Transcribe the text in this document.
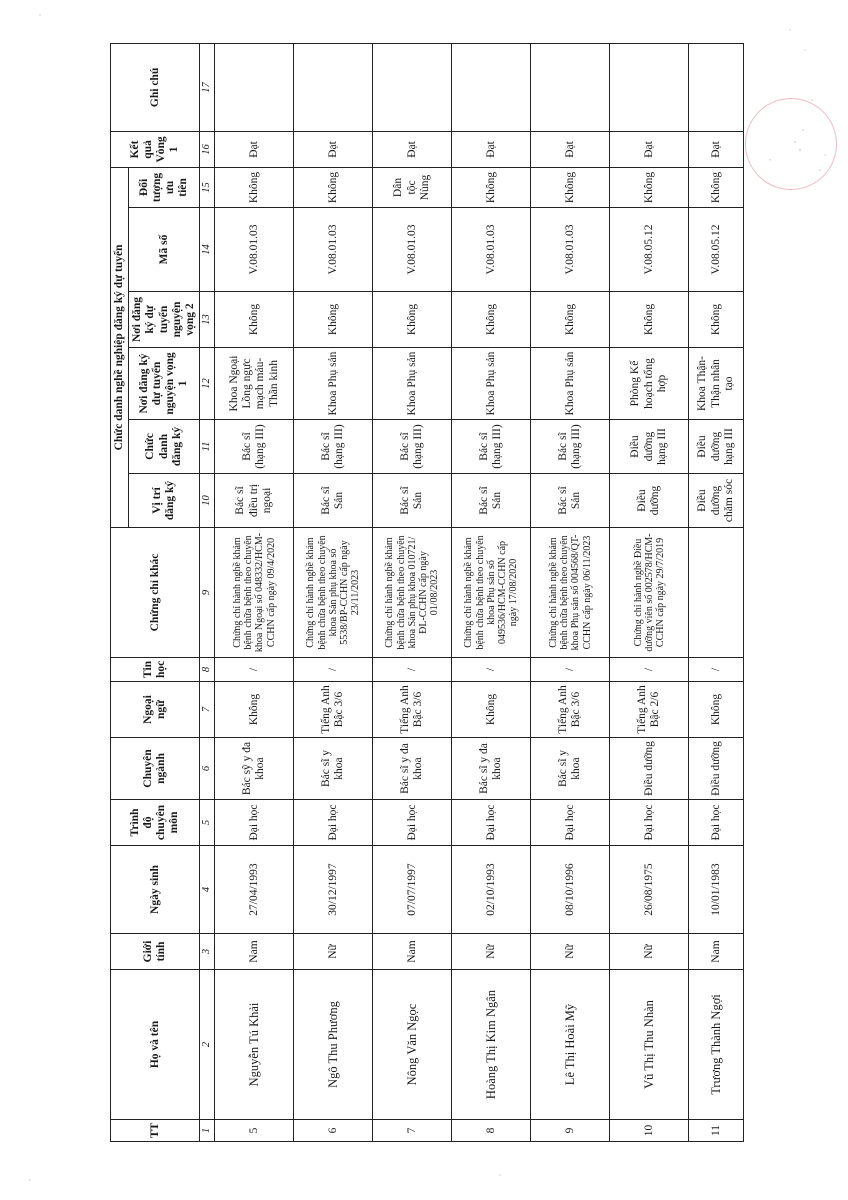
TT	Họ và tên	Giới tính	Ngày sinh	Trình độ chuyên môn	Chuyên ngành	Ngoại ngữ	Tin học	Chứng chỉ khác	Chức danh nghề nghiệp đăng ký dự tuyển						Kết quả Vòng 1	Ghi chú
									Vị trí đăng ký	Chức danh đăng ký	Nơi đăng ký dự tuyển nguyện vọng 1	Nơi đăng ký dự tuyển nguyện vọng 2	Mã số	Đối tượng ưu tiên		
1	2	3	4	5	6	7	8	9	10	11	12	13	14	15	16	17
5	Nguyễn Tú Khải	Nam	27/04/1993	Đại học	Bác sỹ y đa khoa	Không	/	Chứng chỉ hành nghề khám bệnh chữa bệnh theo chuyên khoa Ngoại số 048332/HCM-CCHN cấp ngày 09/4/2020	Bác sĩ điều trị ngoại	Bác sĩ (hạng III)	Khoa Ngoại Lồng ngực mạch máu-Thần kinh	Không	V.08.01.03	Không	Đạt	
6	Ngô Thu Phương	Nữ	30/12/1997	Đại học	Bác sĩ y khoa	Tiếng Anh Bậc 3/6	/	Chứng chỉ hành nghề khám bệnh chữa bệnh theo chuyên khoa Sản phụ khoa số 5538/BP-CCHN cấp ngày 23/11/2023	Bác sĩ Sản	Bác sĩ (hạng III)	Khoa Phụ sản	Không	V.08.01.03	Không	Đạt	
7	Nông Văn Ngọc	Nam	07/07/1997	Đại học	Bác sĩ y đa khoa	Tiếng Anh Bậc 3/6	/	Chứng chỉ hành nghề khám bệnh chữa bệnh theo chuyên khoa Sản phụ khoa 010721/ĐL-CCHN cấp ngày 01/08/2023	Bác sĩ Sản	Bác sĩ (hạng III)	Khoa Phụ sản	Không	V.08.01.03	Dân tộc Nùng	Đạt	
8	Hoàng Thị Kim Ngân	Nữ	02/10/1993	Đại học	Bác sĩ y đa khoa	Không	/	Chứng chỉ hành nghề khám bệnh chữa bệnh theo chuyên khoa Phụ sản số 049536/HCM-CCHN cấp ngày 17/08/2020	Bác sĩ Sản	Bác sĩ (hạng III)	Khoa Phụ sản	Không	V.08.01.03	Không	Đạt	
9	Lê Thị Hoài Mỹ	Nữ	08/10/1996	Đại học	Bác sĩ y khoa	Tiếng Anh Bậc 3/6	/	Chứng chỉ hành nghề khám bệnh chữa bệnh theo chuyên khoa Phụ sản số 004568/QT-CCHN cấp ngày 06/11/2023	Bác sĩ Sản	Bác sĩ (hạng III)	Khoa Phụ sản	Không	V.08.01.03	Không	Đạt	
10	Vũ Thị Thu Nhàn	Nữ	26/08/1975	Đại học	Điều dưỡng	Tiếng Anh Bậc 2/6	/	Chứng chỉ hành nghề Điều dưỡng viên số 002578/HCM-CCHN cấp ngày 29/7/2019	Điều dưỡng	Điều dưỡng hạng III	Phòng Kế hoạch tổng hợp	Không	V.08.05.12	Không	Đạt	
11	Trương Thành Ngợi	Nam	10/01/1983	Đại học	Điều dưỡng	Không	/		Điều dưỡng chăm sóc	Điều dưỡng hạng III	Khoa Thận-Thận nhân tạo	Không	V.08.05.12	Không	Đạt	
